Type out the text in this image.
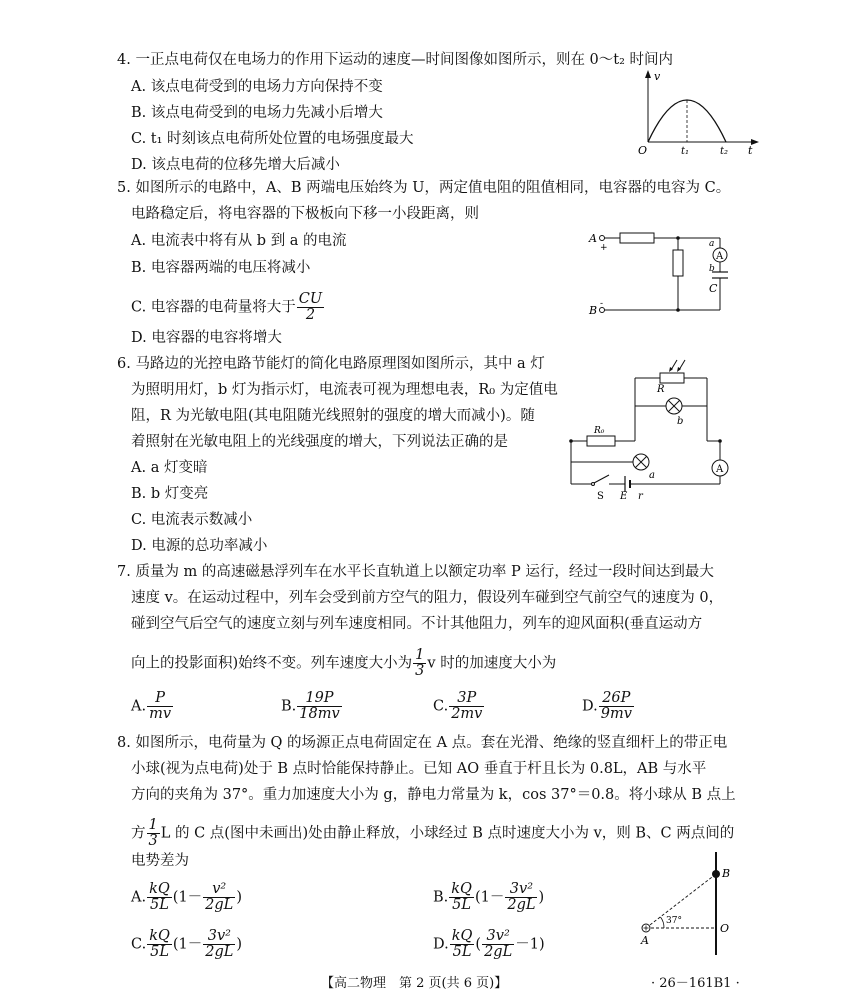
4. 一正点电荷仅在电场力的作用下运动的速度—时间图像如图所示，则在 0～t₂ 时间内
A. 该点电荷受到的电场力方向保持不变
B. 该点电荷受到的电场力先减小后增大
C. t₁ 时刻该点电荷所处位置的电场强度最大
D. 该点电荷的位移先增大后减小
v
O	t₁	t₂ t
5. 如图所示的电路中，A、B 两端电压始终为 U，两定值电阻的阻值相同，电容器的电容为 C。
电路稳定后，将电容器的下极板向下移一小段距离，则
A. 电流表中将有从 b 到 a 的电流
B. 电容器两端的电压将减小
C. 电容器的电荷量将大于 $\frac{CU}{2}$
D. 电容器的电容将增大
A
+
B -
A
a
b
C
6. 马路边的光控电路节能灯的简化电路原理图如图所示，其中 a 灯
为照明用灯，b 灯为指示灯，电流表可视为理想电表，R₀ 为定值电
阻，R 为光敏电阻(其电阻随光线照射的强度的增大而减小)。随
着照射在光敏电阻上的光线强度的增大，下列说法正确的是
A. a 灯变暗
B. b 灯变亮
C. 电流表示数减小
D. 电源的总功率减小
R
R₀
b
A
S E r
a
7. 质量为 m 的高速磁悬浮列车在水平长直轨道上以额定功率 P 运行，经过一段时间达到最大
速度 v。在运动过程中，列车会受到前方空气的阻力，假设列车碰到空气前空气的速度为 0，
碰到空气后空气的速度立刻与列车速度相同。不计其他阻力，列车的迎风面积(垂直运动方
向上的投影面积)始终不变。列车速度大小为 $\frac{1}{3}$ v 时的加速度大小为
A. $\frac{P}{mv}$	B. $\frac{19P}{18mv}$	C. $\frac{3P}{2mv}$	D. $\frac{26P}{9mv}$
8. 如图所示，电荷量为 Q 的场源正点电荷固定在 A 点。套在光滑、绝缘的竖直细杆上的带正电
小球(视为点电荷)处于 B 点时恰能保持静止。已知 AO 垂直于杆且长为 0.8L，AB 与水平
方向的夹角为 37°。重力加速度大小为 g，静电力常量为 k，cos 37°＝0.8。将小球从 B 点上
方 $\frac{1}{3}$ L 的 C 点(图中未画出)处由静止释放，小球经过 B 点时速度大小为 v，则 B、C 两点间的
电势差为
A. $\frac{kQ}{5L} (1- \frac{\text{v²}}{2gL}$ )	B. $\frac{kQ}{5L} (1- \frac{\text{3v²}}{2gL}$ )
C. $\frac{kQ}{5L} (1- \frac{\text{3v²}}{2gL}$ )	D. $\frac{kQ}{5L}$ ( $\frac{\text{3v²}}{2gL} -1$)
B
O
A
37°
【高二物理　第 2 页(共 6 页)】	· 26－161B1 ·
